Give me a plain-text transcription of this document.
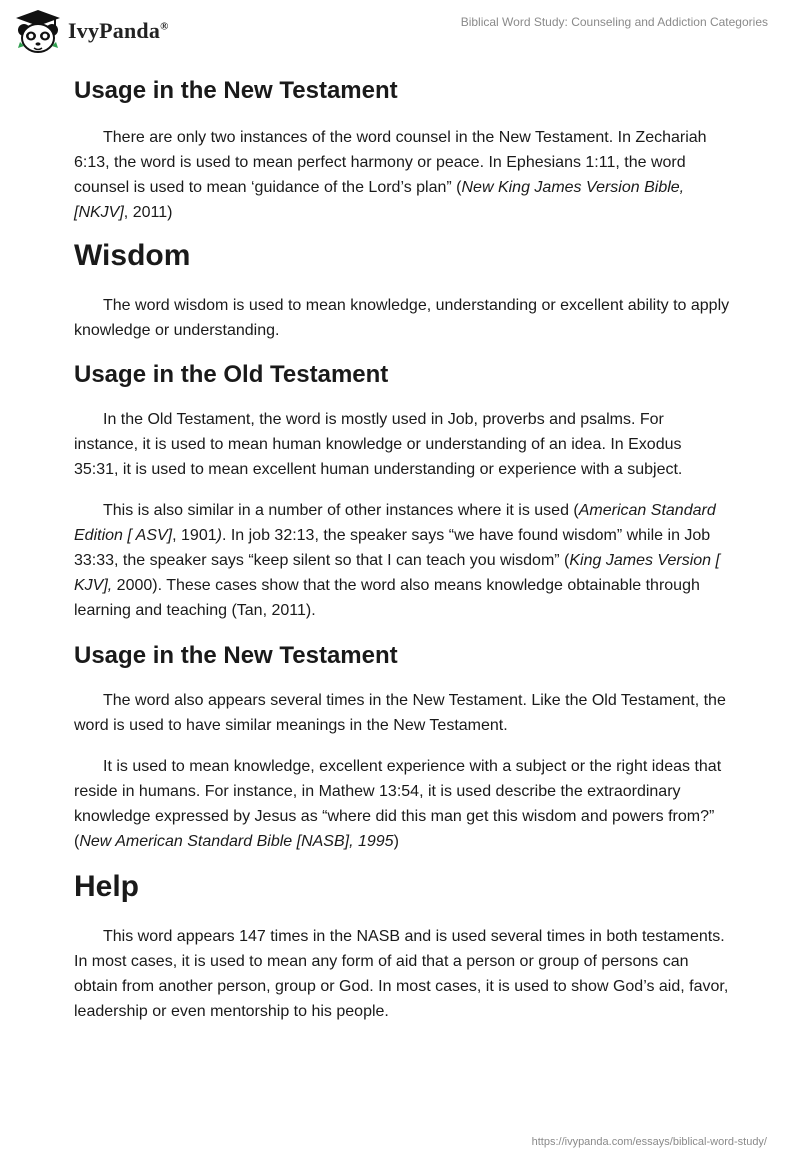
IvyPanda®	Biblical Word Study: Counseling and Addiction Categories
Usage in the New Testament

There are only two instances of the word counsel in the New Testament. In Zechariah 6:13, the word is used to mean perfect harmony or peace. In Ephesians 1:11, the word counsel is used to mean ‘guidance of the Lord’s plan” (New King James Version Bible, [NKJV], 2011)

Wisdom

The word wisdom is used to mean knowledge, understanding or excellent ability to apply knowledge or understanding.

Usage in the Old Testament

In the Old Testament, the word is mostly used in Job, proverbs and psalms. For instance, it is used to mean human knowledge or understanding of an idea. In Exodus 35:31, it is used to mean excellent human understanding or experience with a subject.

This is also similar in a number of other instances where it is used (American Standard Edition [ ASV], 1901). In job 32:13, the speaker says “we have found wisdom” while in Job 33:33, the speaker says “keep silent so that I can teach you wisdom” (King James Version [ KJV], 2000). These cases show that the word also means knowledge obtainable through learning and teaching (Tan, 2011).

Usage in the New Testament

The word also appears several times in the New Testament. Like the Old Testament, the word is used to have similar meanings in the New Testament.

It is used to mean knowledge, excellent experience with a subject or the right ideas that reside in humans. For instance, in Mathew 13:54, it is used describe the extraordinary knowledge expressed by Jesus as “where did this man get this wisdom and powers from?” (New American Standard Bible [NASB], 1995)

Help

This word appears 147 times in the NASB and is used several times in both testaments. In most cases, it is used to mean any form of aid that a person or group of persons can obtain from another person, group or God. In most cases, it is used to show God’s aid, favor, leadership or even mentorship to his people.

https://ivypanda.com/essays/biblical-word-study/
